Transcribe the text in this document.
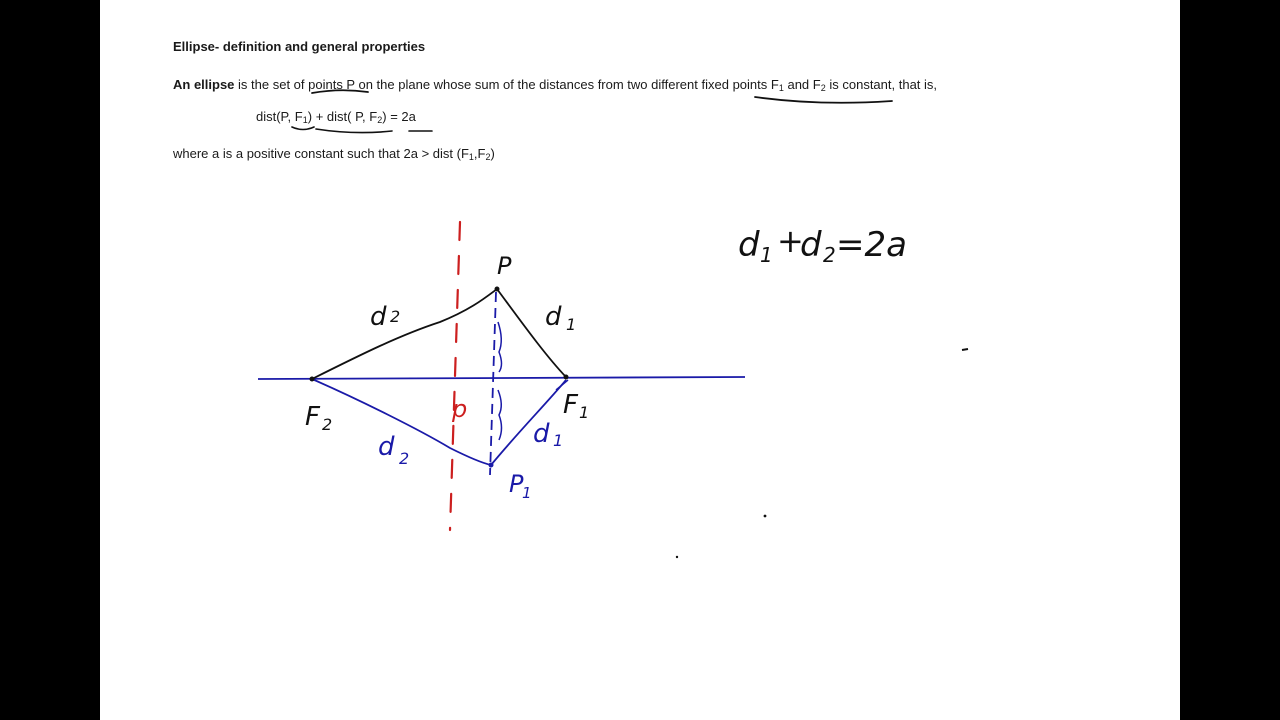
Ellipse- definition and general properties
An ellipse is the set of points P on the plane whose sum of the distances from two different fixed points $F_1$ and $F_2$ is constant, that is,
dist(P, $F_1$) + dist( P, $F_2) = 2a$
where a is a positive constant such that 2a > dist $(F_1,F_2)$
P
d 2	d 1
F 2
F 1
p
d 2
d 1
P
1
d 1 +
d 2 =2a
